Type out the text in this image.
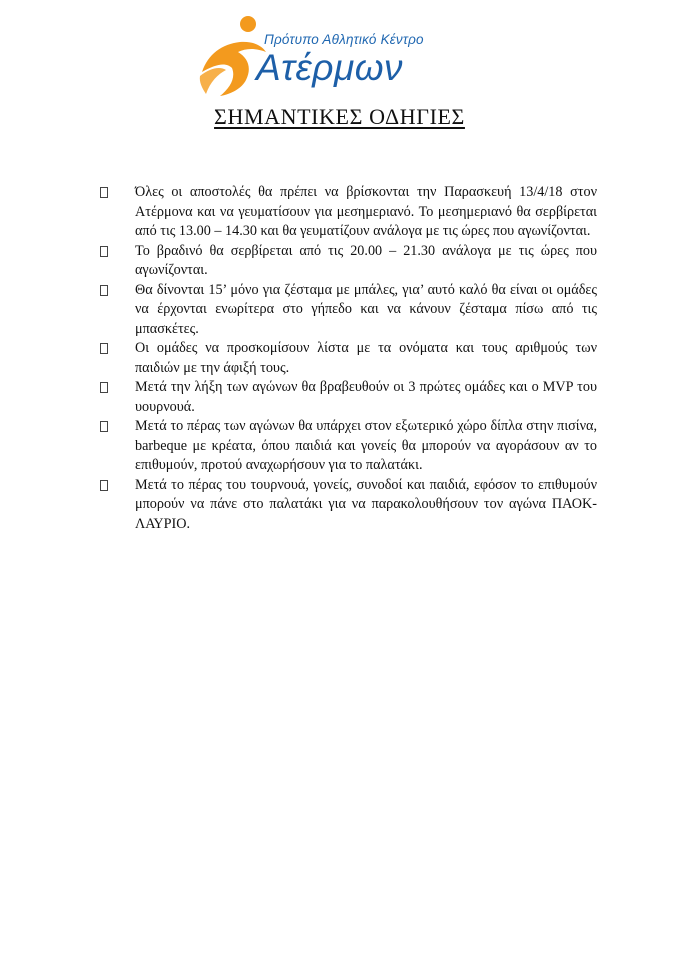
Πρότυπο Αθλητικό Κέντρο
Ατέρμων
ΣΗΜΑΝΤΙΚΕΣ ΟΔΗΓΙΕΣ
Όλες οι αποστολές θα πρέπει να βρίσκονται την Παρασκευή 13/4/18 στον Ατέρμονα και να γευματίσουν για μεσημεριανό. Το μεσημεριανό θα σερβίρεται από τις 13.00 – 14.30 και θα γευματίζουν ανάλογα με τις ώρες που αγωνίζονται.
Το βραδινό θα σερβίρεται από τις 20.00 – 21.30 ανάλογα με τις ώρες που αγωνίζονται.
Θα δίνονται 15’ μόνο για ζέσταμα με μπάλες, για’ αυτό καλό θα είναι οι ομάδες να έρχονται ενωρίτερα στο γήπεδο και να κάνουν ζέσταμα πίσω από τις μπασκέτες.
Οι ομάδες να προσκομίσουν λίστα με τα ονόματα και τους αριθμούς των παιδιών με την άφιξή τους.
Μετά την λήξη των αγώνων θα βραβευθούν οι 3 πρώτες ομάδες και ο MVP του υουρνουά.
Μετά το πέρας των αγώνων θα υπάρχει στον εξωτερικό χώρο δίπλα στην πισίνα, barbeque με κρέατα, όπου παιδιά και γονείς θα μπορούν να αγοράσουν αν το επιθυμούν, προτού αναχωρήσουν για το παλατάκι.
Μετά το πέρας του τουρνουά, γονείς, συνοδοί και παιδιά, εφόσον το επιθυμούν μπορούν να πάνε στο παλατάκι για να παρακολουθήσουν τον αγώνα ΠΑΟΚ-ΛΑΥΡΙΟ.
